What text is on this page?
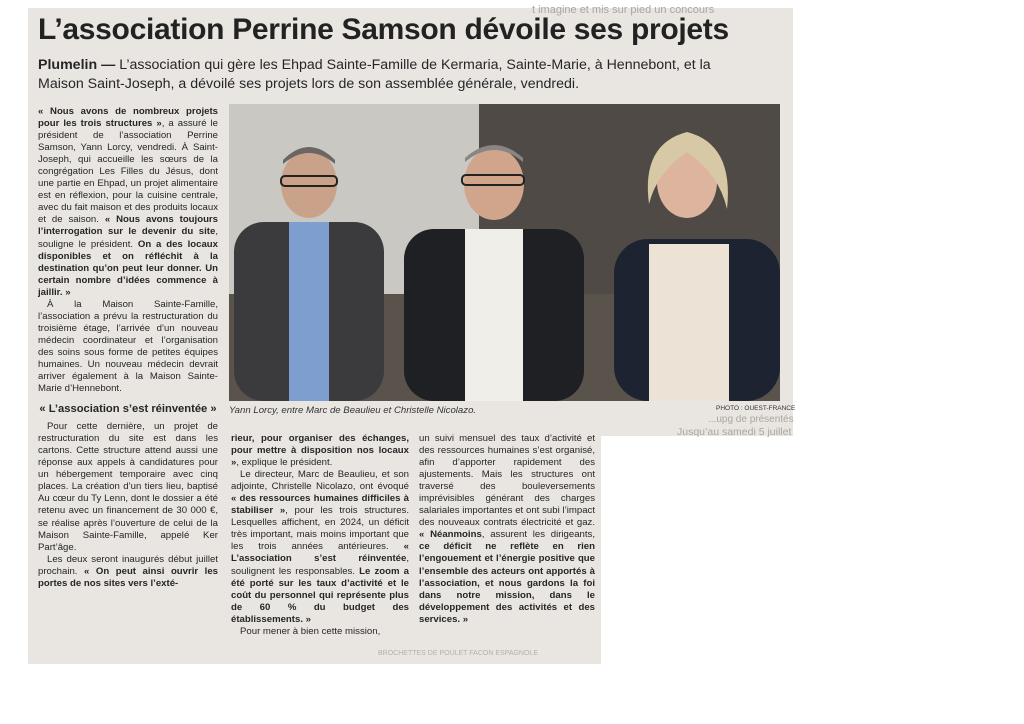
t imagine et mis sur pied un concours
...upg de présentés
Jusqu’au samedi 5 juillet
L’association Perrine Samson dévoile ses projets
Plumelin — L’association qui gère les Ehpad Sainte-Famille de Kermaria, Sainte-Marie, à Hennebont, et la Maison Saint-Joseph, a dévoilé ses projets lors de son assemblée générale, vendredi.

« Nous avons de nombreux projets pour les trois structures », a assuré le président de l’association Perrine Samson, Yann Lorcy, vendredi. À Saint-Joseph, qui accueille les sœurs de la congrégation Les Filles du Jésus, dont une partie en Ehpad, un projet alimentaire est en réflexion, pour la cuisine centrale, avec du fait maison et des produits locaux et de saison. « Nous avons toujours l’interrogation sur le devenir du site, souligne le président. On a des locaux disponibles et on réfléchit à la destination qu’on peut leur donner. Un certain nombre d’idées commence à jaillir. »

À la Maison Sainte-Famille, l’association a prévu la restructuration du troisième étage, l’arrivée d’un nouveau médecin coordinateur et l’organisation des soins sous forme de petites équipes humaines. Un nouveau médecin devrait arriver également à la Maison Sainte-Marie d’Hennebont.

« L’association s’est réinventée »

Pour cette dernière, un projet de restructuration du site est dans les cartons. Cette structure attend aussi une réponse aux appels à candidatures pour un hébergement temporaire avec cinq places. La création d’un tiers lieu, baptisé Au cœur du Ty Lenn, dont le dossier a été retenu avec un financement de 30 000 €, se réalise après l’ouverture de celui de la Maison Sainte-Famille, appelé Ker Part’âge.

Les deux seront inaugurés début juillet prochain. « On peut ainsi ouvrir les portes de nos sites vers l’exté-

Yann Lorcy, entre Marc de Beaulieu et Christelle Nicolazo.	PHOTO : OUEST-FRANCE

rieur, pour organiser des échanges, pour mettre à disposition nos locaux », explique le président.

Le directeur, Marc de Beaulieu, et son adjointe, Christelle Nicolazo, ont évoqué « des ressources humaines difficiles à stabiliser », pour les trois structures. Lesquelles affichent, en 2024, un déficit très important, mais moins important que les trois années antérieures. « L’association s’est réinventée, soulignent les responsables. Le zoom a été porté sur les taux d’activité et le coût du personnel qui représente plus de 60 % du budget des établissements. »

Pour mener à bien cette mission,

un suivi mensuel des taux d’activité et des ressources humaines s’est organisé, afin d’apporter rapidement des ajustements. Mais les structures ont traversé des bouleversements imprévisibles générant des charges salariales importantes et ont subi l’impact des nouveaux contrats électricité et gaz. « Néanmoins, assurent les dirigeants, ce déficit ne reflète en rien l’engouement et l’énergie positive que l’ensemble des acteurs ont apportés à l’association, et nous gardons la foi dans notre mission, dans le développement des activités et des services. »

BROCHETTES DE POULET FACON ESPAGNOLE
